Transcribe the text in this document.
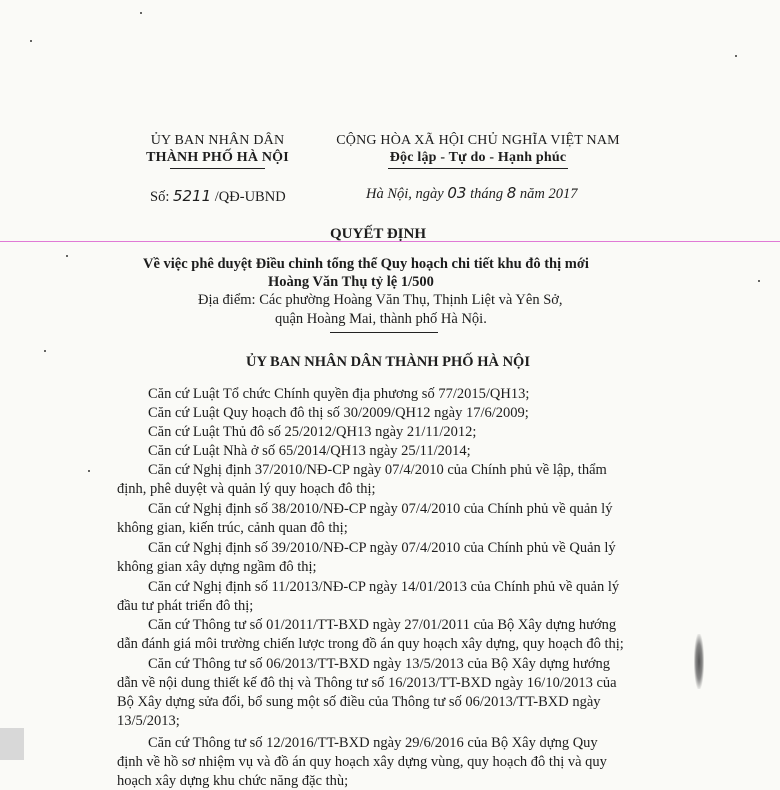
ỦY BAN NHÂN DÂN
THÀNH PHỐ HÀ NỘI
CỘNG HÒA XÃ HỘI CHỦ NGHĨA VIỆT NAM
Độc lập - Tự do - Hạnh phúc
Số: 5211 /QĐ-UBND	Hà Nội, ngày 03 tháng 8 năm 2017
QUYẾT ĐỊNH
Về việc phê duyệt Điều chỉnh tổng thể Quy hoạch chi tiết khu đô thị mới
Hoàng Văn Thụ tỷ lệ 1/500
Địa điểm: Các phường Hoàng Văn Thụ, Thịnh Liệt và Yên Sở,
quận Hoàng Mai, thành phố Hà Nội.
ỦY BAN NHÂN DÂN THÀNH PHỐ HÀ NỘI
Căn cứ Luật Tổ chức Chính quyền địa phương số 77/2015/QH13;
Căn cứ Luật Quy hoạch đô thị số 30/2009/QH12 ngày 17/6/2009;
Căn cứ Luật Thủ đô số 25/2012/QH13 ngày 21/11/2012;
Căn cứ Luật Nhà ở số 65/2014/QH13 ngày 25/11/2014;
Căn cứ Nghị định 37/2010/NĐ-CP ngày 07/4/2010 của Chính phủ về lập, thẩm
định, phê duyệt và quản lý quy hoạch đô thị;
Căn cứ Nghị định số 38/2010/NĐ-CP ngày 07/4/2010 của Chính phủ về quản lý
không gian, kiến trúc, cảnh quan đô thị;
Căn cứ Nghị định số 39/2010/NĐ-CP ngày 07/4/2010 của Chính phủ về Quản lý
không gian xây dựng ngầm đô thị;
Căn cứ Nghị định số 11/2013/NĐ-CP ngày 14/01/2013 của Chính phủ về quản lý
đầu tư phát triển đô thị;
Căn cứ Thông tư số 01/2011/TT-BXD ngày 27/01/2011 của Bộ Xây dựng hướng
dẫn đánh giá môi trường chiến lược trong đồ án quy hoạch xây dựng, quy hoạch đô thị;
Căn cứ Thông tư số 06/2013/TT-BXD ngày 13/5/2013 của Bộ Xây dựng hướng
dẫn về nội dung thiết kế đô thị và Thông tư số 16/2013/TT-BXD ngày 16/10/2013 của
Bộ Xây dựng sửa đổi, bổ sung một số điều của Thông tư số 06/2013/TT-BXD ngày
13/5/2013;
Căn cứ Thông tư số 12/2016/TT-BXD ngày 29/6/2016 của Bộ Xây dựng Quy
định về hồ sơ nhiệm vụ và đồ án quy hoạch xây dựng vùng, quy hoạch đô thị và quy
hoạch xây dựng khu chức năng đặc thù;
